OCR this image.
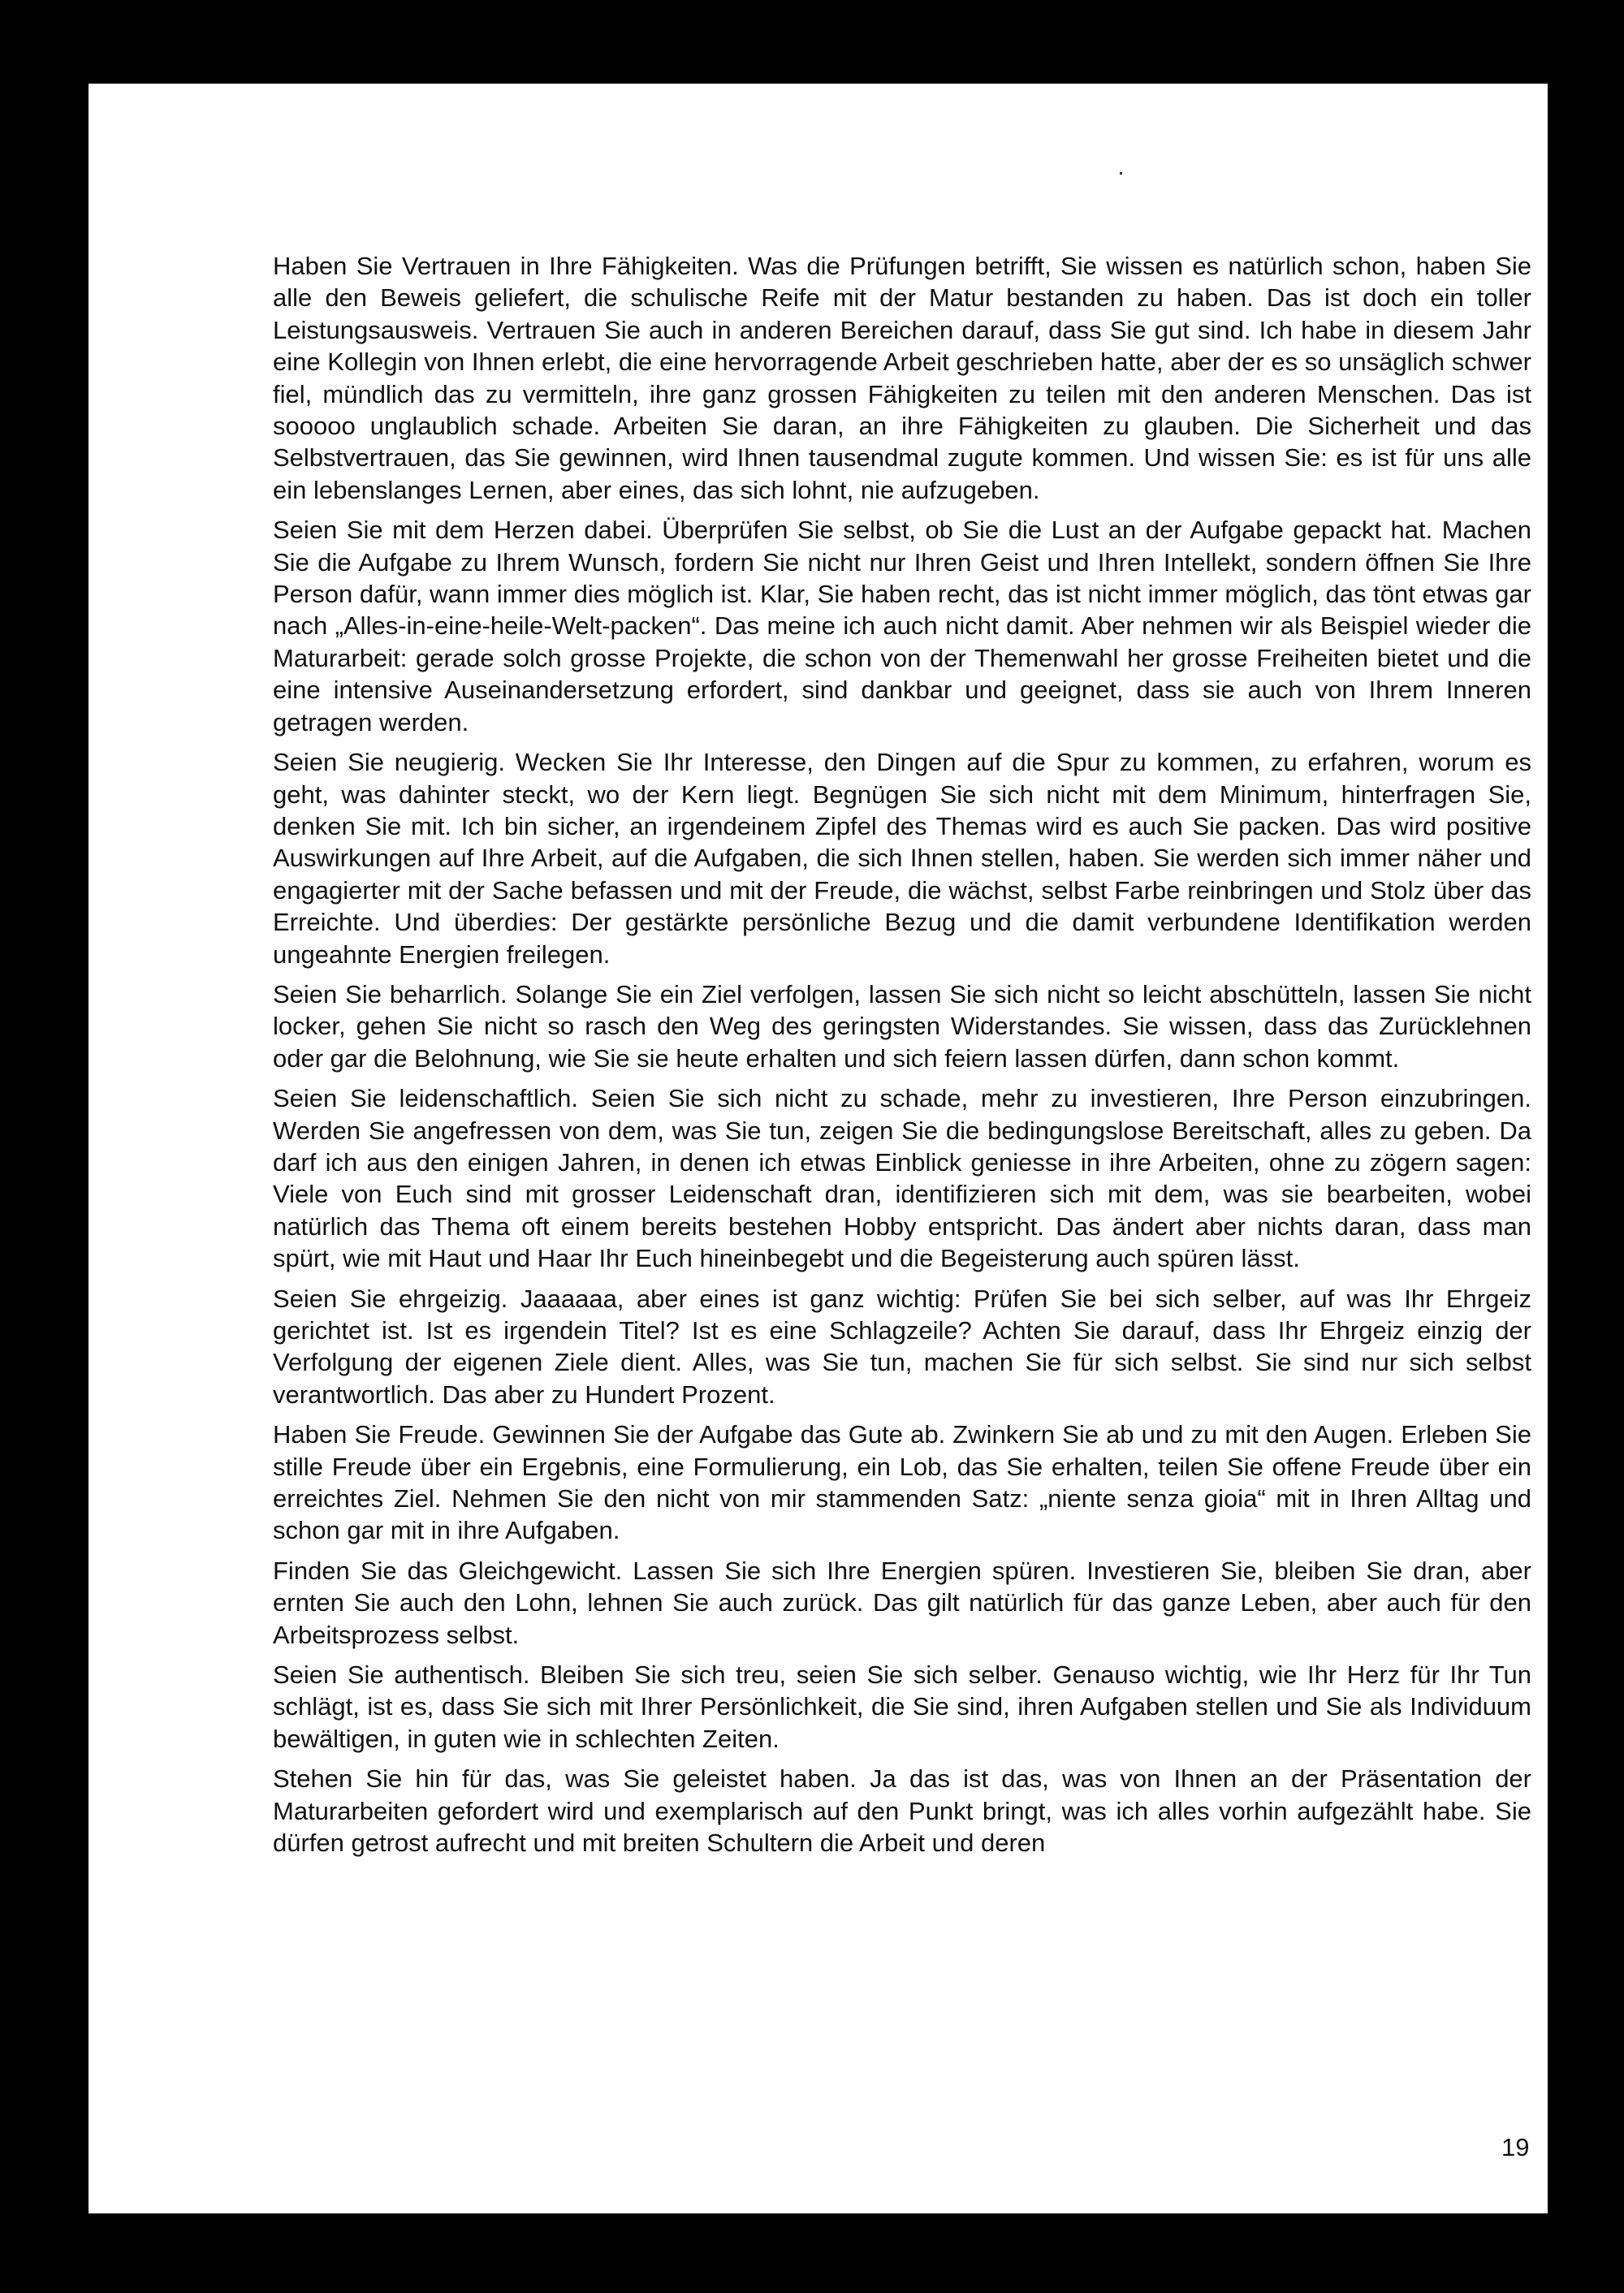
Haben Sie Vertrauen in Ihre Fähigkeiten. Was die Prüfungen betrifft, Sie wissen es natürlich schon, haben Sie alle den Beweis geliefert, die schulische Reife mit der Matur bestanden zu haben. Das ist doch ein toller Leistungsausweis. Vertrauen Sie auch in anderen Bereichen darauf, dass Sie gut sind. Ich habe in diesem Jahr eine Kollegin von Ihnen erlebt, die eine hervorragende Arbeit geschrieben hatte, aber der es so unsäglich schwer fiel, mündlich das zu vermitteln, ihre ganz grossen Fähigkeiten zu teilen mit den anderen Menschen. Das ist sooooo unglaublich schade. Arbeiten Sie daran, an ihre Fähigkeiten zu glauben. Die Sicherheit und das Selbstvertrauen, das Sie gewinnen, wird Ihnen tausendmal zugute kommen. Und wissen Sie: es ist für uns alle ein lebenslanges Lernen, aber eines, das sich lohnt, nie aufzugeben.

Seien Sie mit dem Herzen dabei. Überprüfen Sie selbst, ob Sie die Lust an der Aufgabe gepackt hat. Machen Sie die Aufgabe zu Ihrem Wunsch, fordern Sie nicht nur Ihren Geist und Ihren Intellekt, sondern öffnen Sie Ihre Person dafür, wann immer dies möglich ist. Klar, Sie haben recht, das ist nicht immer möglich, das tönt etwas gar nach „Alles-in-eine-heile-Welt-packen“. Das meine ich auch nicht damit. Aber nehmen wir als Beispiel wieder die Maturarbeit: gerade solch grosse Projekte, die schon von der Themenwahl her grosse Freiheiten bietet und die eine intensive Auseinandersetzung erfordert, sind dankbar und geeignet, dass sie auch von Ihrem Inneren getragen werden.

Seien Sie neugierig. Wecken Sie Ihr Interesse, den Dingen auf die Spur zu kommen, zu erfahren, worum es geht, was dahinter steckt, wo der Kern liegt. Begnügen Sie sich nicht mit dem Minimum, hinterfragen Sie, denken Sie mit. Ich bin sicher, an irgendeinem Zipfel des Themas wird es auch Sie packen. Das wird positive Auswirkungen auf Ihre Arbeit, auf die Aufgaben, die sich Ihnen stellen, haben. Sie werden sich immer näher und engagierter mit der Sache befassen und mit der Freude, die wächst, selbst Farbe reinbringen und Stolz über das Erreichte. Und überdies: Der gestärkte persönliche Bezug und die damit verbundene Identifikation werden ungeahnte Energien freilegen.

Seien Sie beharrlich. Solange Sie ein Ziel verfolgen, lassen Sie sich nicht so leicht abschütteln, lassen Sie nicht locker, gehen Sie nicht so rasch den Weg des geringsten Widerstandes. Sie wissen, dass das Zurücklehnen oder gar die Belohnung, wie Sie sie heute erhalten und sich feiern lassen dürfen, dann schon kommt.

Seien Sie leidenschaftlich. Seien Sie sich nicht zu schade, mehr zu investieren, Ihre Person einzubringen. Werden Sie angefressen von dem, was Sie tun, zeigen Sie die bedingungslose Bereitschaft, alles zu geben. Da darf ich aus den einigen Jahren, in denen ich etwas Einblick geniesse in ihre Arbeiten, ohne zu zögern sagen: Viele von Euch sind mit grosser Leidenschaft dran, identifizieren sich mit dem, was sie bearbeiten, wobei natürlich das Thema oft einem bereits bestehen Hobby entspricht. Das ändert aber nichts daran, dass man spürt, wie mit Haut und Haar Ihr Euch hineinbegebt und die Begeisterung auch spüren lässt.

Seien Sie ehrgeizig. Jaaaaaa, aber eines ist ganz wichtig: Prüfen Sie bei sich selber, auf was Ihr Ehrgeiz gerichtet ist. Ist es irgendein Titel? Ist es eine Schlagzeile? Achten Sie darauf, dass Ihr Ehrgeiz einzig der Verfolgung der eigenen Ziele dient. Alles, was Sie tun, machen Sie für sich selbst. Sie sind nur sich selbst verantwortlich. Das aber zu Hundert Prozent.

Haben Sie Freude. Gewinnen Sie der Aufgabe das Gute ab. Zwinkern Sie ab und zu mit den Augen. Erleben Sie stille Freude über ein Ergebnis, eine Formulierung, ein Lob, das Sie erhalten, teilen Sie offene Freude über ein erreichtes Ziel. Nehmen Sie den nicht von mir stammenden Satz: „niente senza gioia“ mit in Ihren Alltag und schon gar mit in ihre Aufgaben.

Finden Sie das Gleichgewicht. Lassen Sie sich Ihre Energien spüren. Investieren Sie, bleiben Sie dran, aber ernten Sie auch den Lohn, lehnen Sie auch zurück. Das gilt natürlich für das ganze Leben, aber auch für den Arbeitsprozess selbst.

Seien Sie authentisch. Bleiben Sie sich treu, seien Sie sich selber. Genauso wichtig, wie Ihr Herz für Ihr Tun schlägt, ist es, dass Sie sich mit Ihrer Persönlichkeit, die Sie sind, ihren Aufgaben stellen und Sie als Individuum bewältigen, in guten wie in schlechten Zeiten.

Stehen Sie hin für das, was Sie geleistet haben. Ja das ist das, was von Ihnen an der Präsentation der Maturarbeiten gefordert wird und exemplarisch auf den Punkt bringt, was ich alles vorhin aufgezählt habe. Sie dürfen getrost aufrecht und mit breiten Schultern die Arbeit und deren

19
